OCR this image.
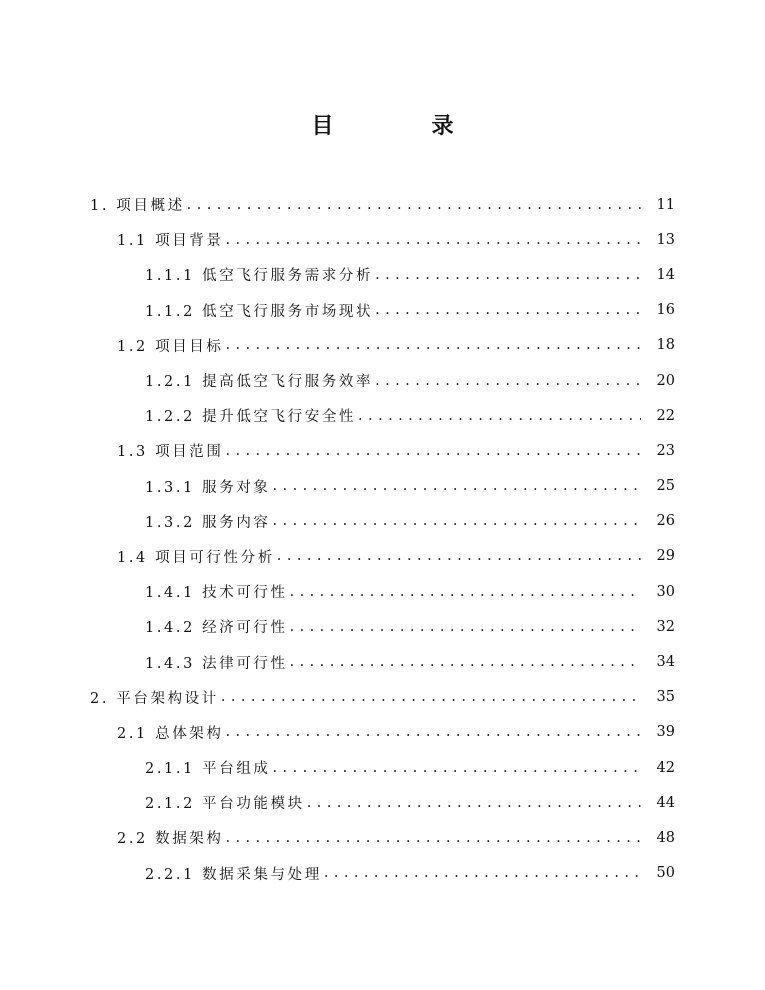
目　录
1. 项目概述 . . .	11
1.1 项目背景 . . .	13
1.1.1 低空飞行服务需求分析 . . .	14
1.1.2 低空飞行服务市场现状 . . .	16
1.2 项目目标 . . .	18
1.2.1 提高低空飞行服务效率 . . .	20
1.2.2 提升低空飞行安全性 . . .	22
1.3 项目范围 . . .	23
1.3.1 服务对象 . . .	25
1.3.2 服务内容 . . .	26
1.4 项目可行性分析 . . .	29
1.4.1 技术可行性 . . .	30
1.4.2 经济可行性 . . .	32
1.4.3 法律可行性 . . .	34
2. 平台架构设计 . . .	35
2.1 总体架构 . . .	39
2.1.1 平台组成 . . .	42
2.1.2 平台功能模块 . . .	44
2.2 数据架构 . . .	48
2.2.1 数据采集与处理 . . .	50
